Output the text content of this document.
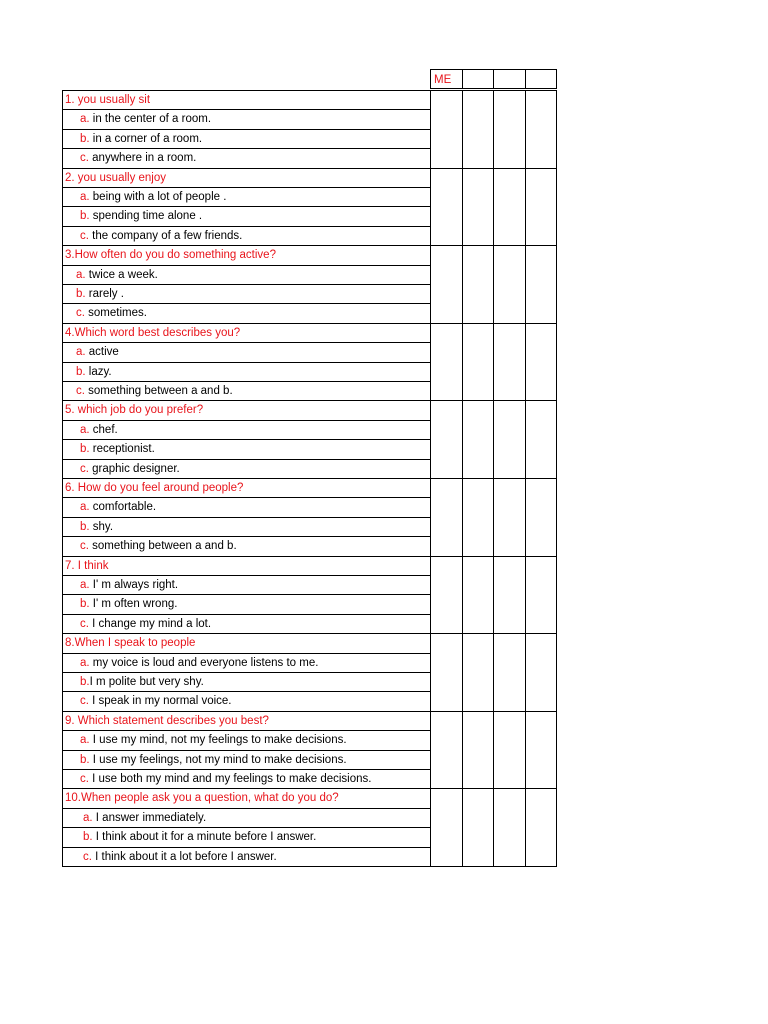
ME
1. you usually sit
a. in the center of a room.
b. in a corner of a room.
c. anywhere in a room.
2. you usually enjoy
a. being with a lot of people .
b. spending time alone .
c. the company of a few friends.
3.How often do you do something active?
a. twice a week.
b. rarely .
c. sometimes.
4.Which word best describes you?
a. active
b. lazy.
c. something between a and b.
5. which job do you prefer?
a. chef.
b. receptionist.
c. graphic designer.
6. How do you feel around people?
a. comfortable.
b. shy.
c. something between a and b.
7. I think
a. I' m always right.
b. I' m often wrong.
c. I change my mind a lot.
8.When I speak to people
a. my voice is loud and everyone listens to me.
b.I m polite but very shy.
c. I speak in my normal voice.
9. Which statement describes you best?
a. I use my mind, not my feelings to make decisions.
b. I use my feelings, not my mind to make decisions.
c. I use both my mind and my feelings to make decisions.
10.When people ask you a question, what do you do?
a. I answer immediately.
b. I think about it for a minute before I answer.
c. I think about it a lot before I answer.
